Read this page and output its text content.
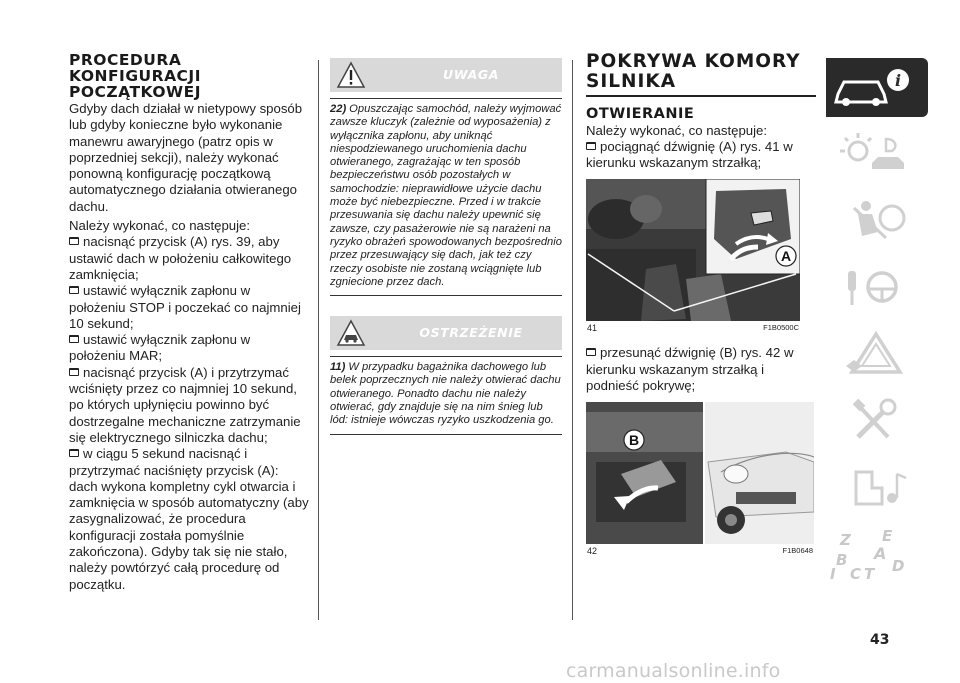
PROCEDURA KONFIGURACJI POCZĄTKOWEJ
Gdyby dach działał w nietypowy sposób lub gdyby konieczne było wykonanie manewru awaryjnego (patrz opis w poprzedniej sekcji), należy wykonać ponowną konfigurację początkową automatycznego działania otwieranego dachu.
Należy wykonać, co następuje:
nacisnąć przycisk (A) rys. 39, aby ustawić dach w położeniu całkowitego zamknięcia;
ustawić wyłącznik zapłonu w położeniu STOP i poczekać co najmniej 10 sekund;
ustawić wyłącznik zapłonu w położeniu MAR;
nacisnąć przycisk (A) i przytrzymać wciśnięty przez co najmniej 10 sekund, po których upłynięciu powinno być dostrzegalne mechaniczne zatrzymanie się elektrycznego silniczka dachu;
w ciągu 5 sekund nacisnąć i przytrzymać naciśnięty przycisk (A): dach wykona kompletny cykl otwarcia i zamknięcia w sposób automatyczny (aby zasygnalizować, że procedura konfiguracji została pomyślnie zakończona). Gdyby tak się nie stało, należy powtórzyć całą procedurę od początku.
UWAGA
22) Opuszczając samochód, należy wyjmować zawsze kluczyk (zależnie od wyposażenia) z wyłącznika zapłonu, aby uniknąć niespodziewanego uruchomienia dachu otwieranego, zagrażając w ten sposób bezpieczeństwu osób pozostałych w samochodzie: nieprawidłowe użycie dachu może być niebezpieczne. Przed i w trakcie przesuwania się dachu należy upewnić się zawsze, czy pasażerowie nie są narażeni na ryzyko obrażeń spowodowanych bezpośrednio przez przesuwający się dach, jak też czy rzeczy osobiste nie zostaną wciągnięte lub zgniecione przez dach.
OSTRZEŻENIE
11) W przypadku bagażnika dachowego lub belek poprzecznych nie należy otwierać dachu otwieranego. Ponadto dachu nie należy otwierać, gdy znajduje się na nim śnieg lub lód: istnieje wówczas ryzyko uszkodzenia go.
POKRYWA KOMORY SILNIKA
OTWIERANIE
Należy wykonać, co następuje:
pociągnąć dźwignię (A) rys. 41 w kierunku wskazanym strzałką;
A
41	F1B0500C
przesunąć dźwignię (B) rys. 42 w kierunku wskazanym strzałką i podnieść pokrywę;
B
42	F1B0648
i
Z E
A
B
C T D
I
43
carmanualsonline.info
